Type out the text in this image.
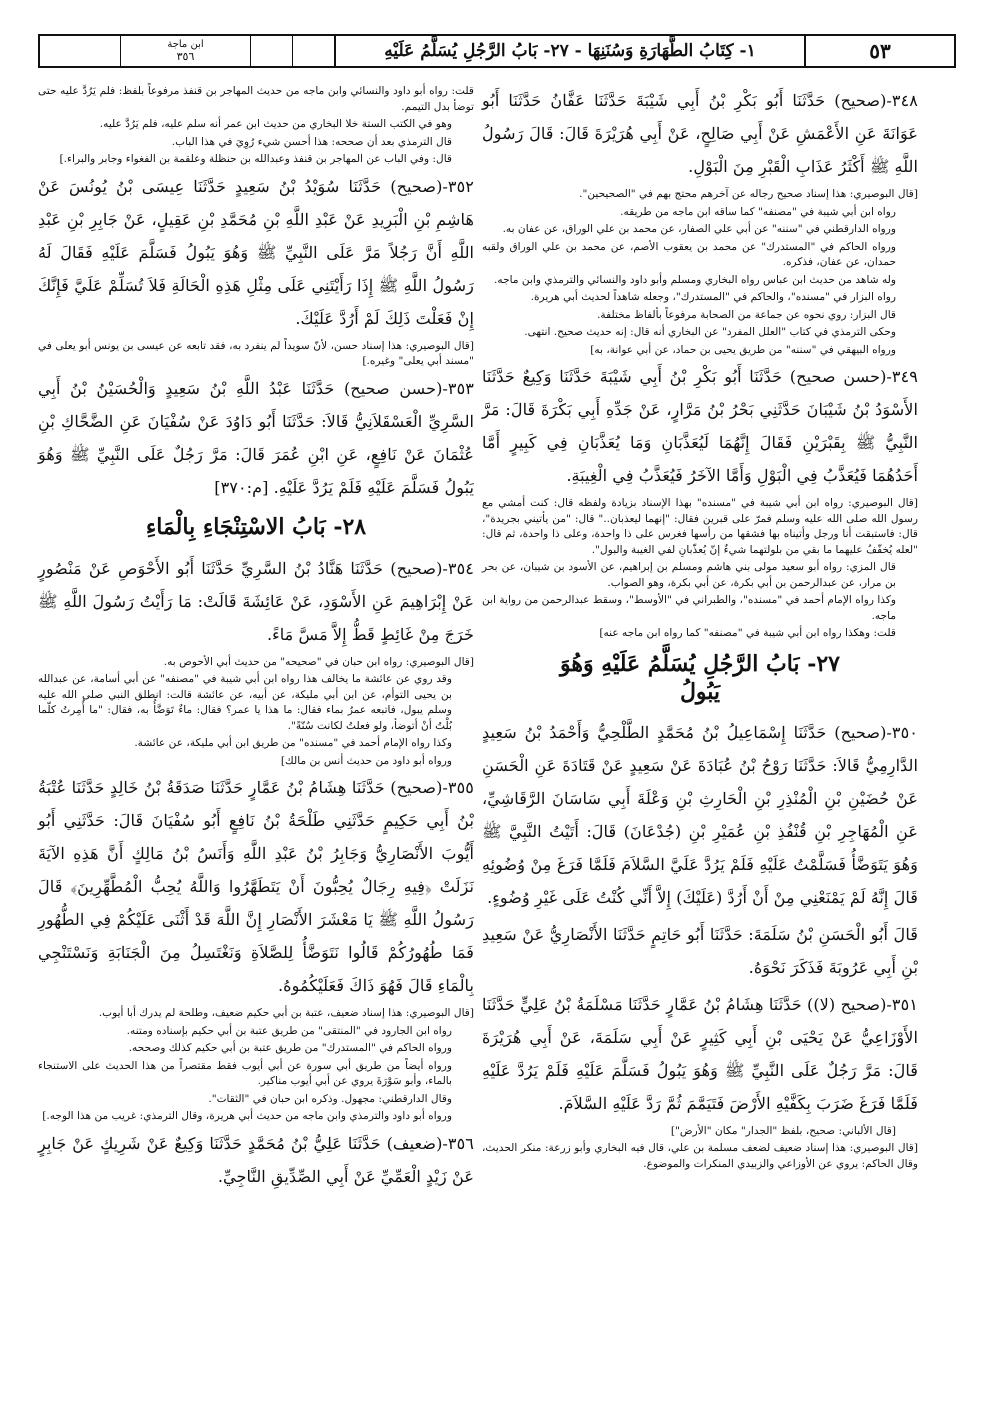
٥٣
١- كِتَابُ الطَّهَارَةِ وَسُنَنِهَا - ٢٧- بَابُ الرَّجُلِ يُسَلَّمُ عَلَيْهِ
ابن ماجة
٣٥٦

٣٤٨-(صحيح) حَدَّثَنَا أَبُو بَكْرِ بْنُ أَبِي شَيْبَةَ حَدَّثَنَا عَفَّانُ حَدَّثَنَا أَبُو عَوَانَةَ عَنِ الأَعْمَشِ عَنْ أَبِي صَالِحٍ، عَنْ أَبِي هُرَيْرَةَ قَالَ: قَالَ رَسُولُ اللَّهِ ﷺ أَكْثَرُ عَذَابِ الْقَبْرِ مِنَ الْبَوْلِ.

[قال البوصيري: هذا إسناد صحيح رجاله عن آخرهم محتج بهم في "الصحيحين".

رواه ابن أبي شيبة في "مصنفه" كما ساقه ابن ماجه من طريقه.

ورواه الدارقطني في "سننه" عن أبي علي الصفار، عن محمد بن علي الوراق، عن عفان به.

ورواه الحاكم في "المستدرك" عن محمد بن يعقوب الأصم، عن محمد بن علي الوراق ولقبه حمدان، عن عفان، فذكره.

وله شاهد من حديث ابن عباس رواه البخاري ومسلم وأبو داود والنسائي والترمذي وابن ماجه.

رواه البزار في "مسنده"، والحاكم في "المستدرك"، وجعله شاهداً لحديث أبي هريرة.

قال البزار: روي نحوه عن جماعة من الصحابة مرفوعاً بألفاظ مختلفة.

وحكى الترمذي في كتاب "العلل المفرد" عن البخاري أنه قال: إنه حديث صحيح. انتهى.

ورواه البيهقي في "سننه" من طريق يحيى بن حماد، عن أبي عوانة، به]

٣٤٩-(حسن صحيح) حَدَّثَنَا أَبُو بَكْرِ بْنُ أَبِي شَيْبَةَ حَدَّثَنَا وَكِيعٌ حَدَّثَنَا الأَسْوَدُ بْنُ شَيْبَانَ حَدَّثَنِي بَحْرُ بْنُ مَرَّارٍ، عَنْ جَدِّهِ أَبِي بَكْرَةَ قَالَ: مَرَّ النَّبِيُّ ﷺ بِقَبْرَيْنِ فَقَالَ إِنَّهُمَا لَيُعَذَّبَانِ وَمَا يُعَذَّبَانِ فِي كَبِيرٍ أَمَّا أَحَدُهُمَا فَيُعَذَّبُ فِي الْبَوْلِ وَأَمَّا الآخَرُ فَيُعَذَّبُ فِي الْغِيبَةِ.

[قال البوصيري: رواه ابن أبي شيبة في "مسنده" بهذا الإسناد بزيادة ولفظه قال: كنت أمشي مع رسول الله صلى الله عليه وسلم فمرّ على قبرين فقال: "إنهما ليعذبان.." قال: "من يأتيني بجريدة"، قال: فاستبقت أنا ورجل وأتيناه بها فشقها من رأسها فغرس على ذا واحدة، وعلى ذا واحدة، ثم قال: "لعله يُخفّفُ عليهما ما بقي من بلولتهما شيءٌ إنّ يُعذّبانِ لفي الغيبة والبول".

قال المزي: رواه أبو سعيد مولى بني هاشم ومسلم بن إبراهيم، عن الأسود بن شيبان، عن بحر بن مرار، عن عبدالرحمن بن أبي بكرة، عن أبي بكرة، وهو الصواب.

وكذا رواه الإمام أحمد في "مسنده"، والطبراني في "الأوسط"، وسقط عبدالرحمن من رواية ابن ماجه.

قلت: وهكذا رواه ابن أبي شيبة في "مصنفه" كما رواه ابن ماجه عنه]

٢٧- بَابُ الرَّجُلِ يُسَلَّمُ عَلَيْهِ وَهُوَ
يَبُولُ

٣٥٠-(صحيح) حَدَّثَنَا إِسْمَاعِيلُ بْنُ مُحَمَّدٍ الطَّلْحِيُّ وَأَحْمَدُ بْنُ سَعِيدٍ الدَّارِمِيُّ قَالاَ: حَدَّثَنَا رَوْحُ بْنُ عُبَادَةَ عَنْ سَعِيدٍ عَنْ قَتَادَةَ عَنِ الْحَسَنِ عَنْ حُضَيْنِ بْنِ الْمُنْذِرِ بْنِ الْحَارِثِ بْنِ وَعْلَةَ أَبِي سَاسَانَ الرَّقَاشِيِّ، عَنِ الْمُهَاجِرِ بْنِ قُنْفُذِ بْنِ عُمَيْرِ بْنِ (جُدْعَانَ) قَالَ: أَتَيْتُ النَّبِيَّ ﷺ وَهُوَ يَتَوَضَّأُ فَسَلَّمْتُ عَلَيْهِ فَلَمْ يَرُدَّ عَلَيَّ السَّلاَمَ فَلَمَّا فَرَغَ مِنْ وُضُوئِهِ قَالَ إِنَّهُ لَمْ يَمْنَعْنِي مِنْ أَنْ أَرُدَّ (عَلَيْكَ) إِلاَّ أَنِّي كُنْتُ عَلَى غَيْرِ وُضُوءٍ.

قَالَ أَبُو الْحَسَنِ بْنُ سَلَمَةَ: حَدَّثَنَا أَبُو حَاتِمٍ حَدَّثَنَا الأَنْصَارِيُّ عَنْ سَعِيدِ بْنِ أَبِي عَرُوبَةَ فَذَكَرَ نَحْوَهُ.

٣٥١-(صحيح (لا)) حَدَّثَنَا هِشَامُ بْنُ عَمَّارٍ حَدَّثَنَا مَسْلَمَةُ بْنُ عَلِيٍّ حَدَّثَنَا الأَوْزَاعِيُّ عَنْ يَحْيَى بْنِ أَبِي كَثِيرٍ عَنْ أَبِي سَلَمَةَ، عَنْ أَبِي هُرَيْرَةَ قَالَ: مَرَّ رَجُلٌ عَلَى النَّبِيِّ ﷺ وَهُوَ يَبُولُ فَسَلَّمَ عَلَيْهِ فَلَمْ يَرُدَّ عَلَيْهِ فَلَمَّا فَرَغَ ضَرَبَ بِكَفَّيْهِ الأَرْضَ فَتَيَمَّمَ ثُمَّ رَدَّ عَلَيْهِ السَّلاَمَ.

[قال الألباني: صحيح، بلفظ "الجدار" مكان "الأرض"]

[قال البوصيري: هذا إسناد ضعيف لضعف مسلمة بن علي، قال فيه البخاري وأبو زرعة: منكر الحديث، وقال الحاكم: يروي عن الأوزاعي والزبيدي المنكرات والموضوع.

قلت: رواه أبو داود والنسائي وابن ماجه من حديث المهاجر بن قنفذ مرفوعاً بلفظ: فلم يَرُدَّ عليه حتى توضأ بدل التيمم.

وهو في الكتب الستة خلا البخاري من حديث ابن عمر أنه سلم عليه، فلم يَرُدَّ عليه.

قال الترمذي بعد أن صححه: هذا أحسن شيء رُوِيَ في هذا الباب.

قال: وفي الباب عن المهاجر بن قنفذ وعبدالله بن حنظلة وعلقمة بن الفغواء وجابر والبراء.]

٣٥٢-(صحيح) حَدَّثَنَا سُوَيْدُ بْنُ سَعِيدٍ حَدَّثَنَا عِيسَى بْنُ يُونُسَ عَنْ هَاشِمِ بْنِ الْبَرِيدِ عَنْ عَبْدِ اللَّهِ بْنِ مُحَمَّدِ بْنِ عَقِيلٍ، عَنْ جَابِرِ بْنِ عَبْدِ اللَّهِ أَنَّ رَجُلاً مَرَّ عَلَى النَّبِيِّ ﷺ وَهُوَ يَبُولُ فَسَلَّمَ عَلَيْهِ فَقَالَ لَهُ رَسُولُ اللَّهِ ﷺ إِذَا رَأَيْتَنِي عَلَى مِثْلِ هَذِهِ الْحَالَةِ فَلاَ تُسَلِّمْ عَلَيَّ فَإِنَّكَ إِنْ فَعَلْتَ ذَلِكَ لَمْ أَرُدَّ عَلَيْكَ.

[قال البوصيري: هذا إسناد حسن، لأنّ سويداً لم ينفرد به، فقد تابعه عن عيسى بن يونس أبو يعلى في "مسند أبي يعلى" وغيره.]

٣٥٣-(حسن صحيح) حَدَّثَنَا عَبْدُ اللَّهِ بْنُ سَعِيدٍ وَالْحُسَيْنُ بْنُ أَبِي السَّرِيِّ الْعَسْقَلاَنِيُّ قَالاَ: حَدَّثَنَا أَبُو دَاوُدَ عَنْ سُفْيَانَ عَنِ الضَّحَّاكِ بْنِ عُثْمَانَ عَنْ نَافِعٍ، عَنِ ابْنِ عُمَرَ قَالَ: مَرَّ رَجُلٌ عَلَى النَّبِيِّ ﷺ وَهُوَ يَبُولُ فَسَلَّمَ عَلَيْهِ فَلَمْ يَرُدَّ عَلَيْهِ. [م:٣٧٠]

٢٨- بَابُ الاسْتِنْجَاءِ بِالْمَاءِ

٣٥٤-(صحيح) حَدَّثَنَا هَنَّادُ بْنُ السَّرِيِّ حَدَّثَنَا أَبُو الأَحْوَصِ عَنْ مَنْصُورٍ عَنْ إِبْرَاهِيمَ عَنِ الأَسْوَدِ، عَنْ عَائِشَةَ قَالَتْ: مَا رَأَيْتُ رَسُولَ اللَّهِ ﷺ خَرَجَ مِنْ غَائِطٍ قَطُّ إِلاَّ مَسَّ مَاءً.

[قال البوصيري: رواه ابن حبان في "صحيحه" من حديث أبي الأحوص به.

وقد روي عن عائشة ما يخالف هذا رواه ابن أبي شيبة في "مصنفه" عن أبي أسامة، عن عبدالله بن يحيى التوأم، عن ابن أبي مليكة، عن أبيه، عن عائشة قالت: انطلق النبي صلى الله عليه وسلم يبول، فاتبعه عمرُ بماء فقال: ما هذا يا عمر؟ فقال: ماءٌ تَوَضَّأُ به، فقال: "ما أُمِرتُ كلّما بُلْتُ أنْ أتوضأ، ولو فعلتُ لكانت سُنّةً".

وكذا رواه الإمام أحمد في "مسنده" من طريق ابن أبي مليكة، عن عائشة.

ورواه أبو داود من حديث أنس بن مالك]

٣٥٥-(صحيح) حَدَّثَنَا هِشَامُ بْنُ عَمَّارٍ حَدَّثَنَا صَدَقَةُ بْنُ خَالِدٍ حَدَّثَنَا عُتْبَةُ بْنُ أَبِي حَكِيمٍ حَدَّثَنِي طَلْحَةُ بْنُ نَافِعٍ أَبُو سُفْيَانَ قَالَ: حَدَّثَنِي أَبُو أَيُّوبَ الأَنْصَارِيُّ وَجَابِرُ بْنُ عَبْدِ اللَّهِ وَأَنَسُ بْنُ مَالِكٍ أَنَّ هَذِهِ الآيَةَ نَزَلَتْ ﴿فِيهِ رِجَالٌ يُحِبُّونَ أَنْ يَتَطَهَّرُوا وَاللَّهُ يُحِبُّ الْمُطَّهِّرِينَ﴾ قَالَ رَسُولُ اللَّهِ ﷺ يَا مَعْشَرَ الأَنْصَارِ إِنَّ اللَّهَ قَدْ أَثْنَى عَلَيْكُمْ فِي الطُّهُورِ فَمَا طُهُورُكُمْ قَالُوا نَتَوَضَّأُ لِلصَّلاَةِ وَنَغْتَسِلُ مِنَ الْجَنَابَةِ وَنَسْتَنْجِي بِالْمَاءِ قَالَ فَهُوَ ذَاكَ فَعَلَيْكُمُوهُ.

[قال البوصيري: هذا إسناد ضعيف، عتبة بن أبي حكيم ضعيف، وطلحة لم يدرك أبا أيوب.

رواه ابن الجارود في "المنتقى" من طريق عتبة بن أبي حكيم بإسناده ومتنه.

ورواه الحاكم في "المستدرك" من طريق عتبة بن أبي حكيم كذلك وصححه.

ورواه أيضاً من طريق أبي سورة عن أبي أيوب فقط مقتصراً من هذا الحديث على الاستنجاء بالماء، وأبو سَوْرَةَ يروي عن أبي أيوب مناكير.

وقال الدارقطني: مجهول. وذكره ابن حبان في "الثقات".

ورواه أبو داود والترمذي وابن ماجه من حديث أبي هريرة، وقال الترمذي: غريب من هذا الوجه.]

٣٥٦-(ضعيف) حَدَّثَنَا عَلِيُّ بْنُ مُحَمَّدٍ حَدَّثَنَا وَكِيعٌ عَنْ شَرِيكٍ عَنْ جَابِرٍ عَنْ زَيْدٍ الْعَمِّيِّ عَنْ أَبِي الصِّدِّيقِ النَّاجِيِّ.
